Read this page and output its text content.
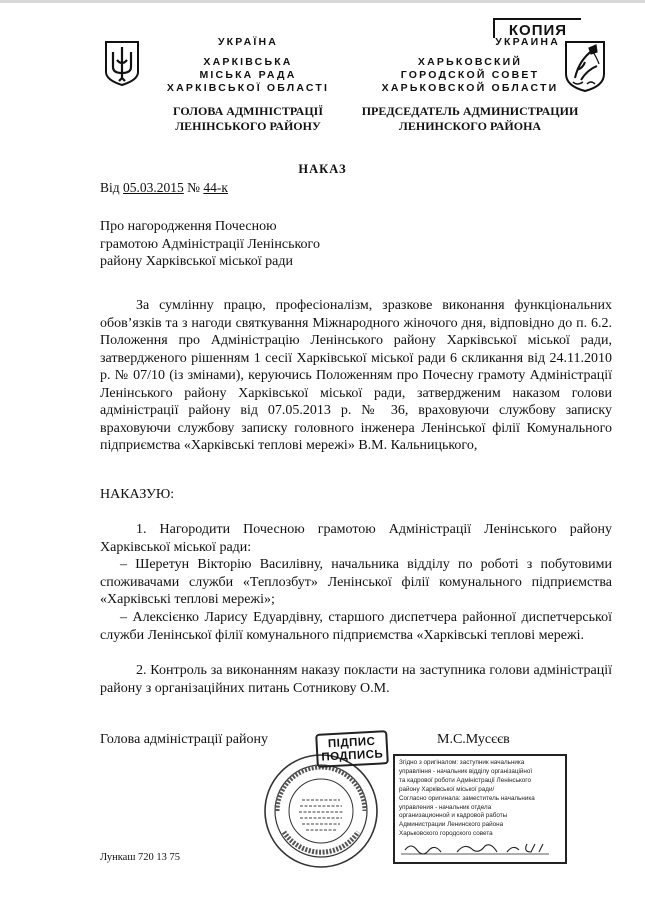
УКРАЇНА
ХАРКІВСЬКА
МІСЬКА РАДА
ХАРКІВСЬКОЇ ОБЛАСТІ
ГОЛОВА АДМІНІСТРАЦІЇ
ЛЕНІНСЬКОГО РАЙОНУ
УКРАИНА
КОПИЯ
ХАРЬКОВСКИЙ
ГОРОДСКОЙ СОВЕТ
ХАРЬКОВСКОЙ ОБЛАСТИ
ПРЕДСЕДАТЕЛЬ АДМИНИСТРАЦИИ
ЛЕНИНСКОГО РАЙОНА
НАКАЗ
Від 05.03.2015 № 44-к
Про нагородження Почесною
грамотою Адміністрації Ленінського
району Харківської міської ради
За сумлінну працю, професіоналізм, зразкове виконання функціональних обов’язків та з нагоди святкування Міжнародного жіночого дня, відповідно до п. 6.2. Положення про Адміністрацію Ленінського району Харківської міської ради, затвердженого рішенням 1 сесії Харківської міської ради 6 скликання від 24.11.2010 р. № 07/10 (із змінами), керуючись Положенням про Почесну грамоту Адміністрації Ленінського району Харківської міської ради, затвердженим наказом голови адміністрації району від 07.05.2013 р. № 36, враховуючи службову записку враховуючи службову записку головного інженера Ленінської філії Комунального підприємства «Харківські теплові мережі» В.М. Кальницького,
НАКАЗУЮ:
1. Нагородити Почесною грамотою Адміністрації Ленінського району Харківської міської ради:
– Шеретун Вікторію Василівну, начальника відділу по роботі з побутовими споживачами служби «Теплозбут» Ленінської філії комунального підприємства «Харківські теплові мережі»;
– Алексієнко Ларису Едуардівну, старшого диспетчера районної диспетчерської служби Ленінської філії комунального підприємства «Харківські теплові мережі.
2. Контроль за виконанням наказу покласти на заступника голови адміністрації району з організаційних питань Сотникову О.М.
Голова адміністрації району	М.С.Мусєєв
ПІДПИС
ПОДПИСЬ	Згідно з оригіналом: заступник начальника
управління - начальник відділу організаційної
та кадрової роботи Адміністрації Ленінського
району Харківської міської ради/
Согласно оригинала: заместитель начальника
управления - начальник отдела
организационной и кадровой работы
Администрации Ленинского района
Харьковского городского совета
Лункаш 720 13 75
